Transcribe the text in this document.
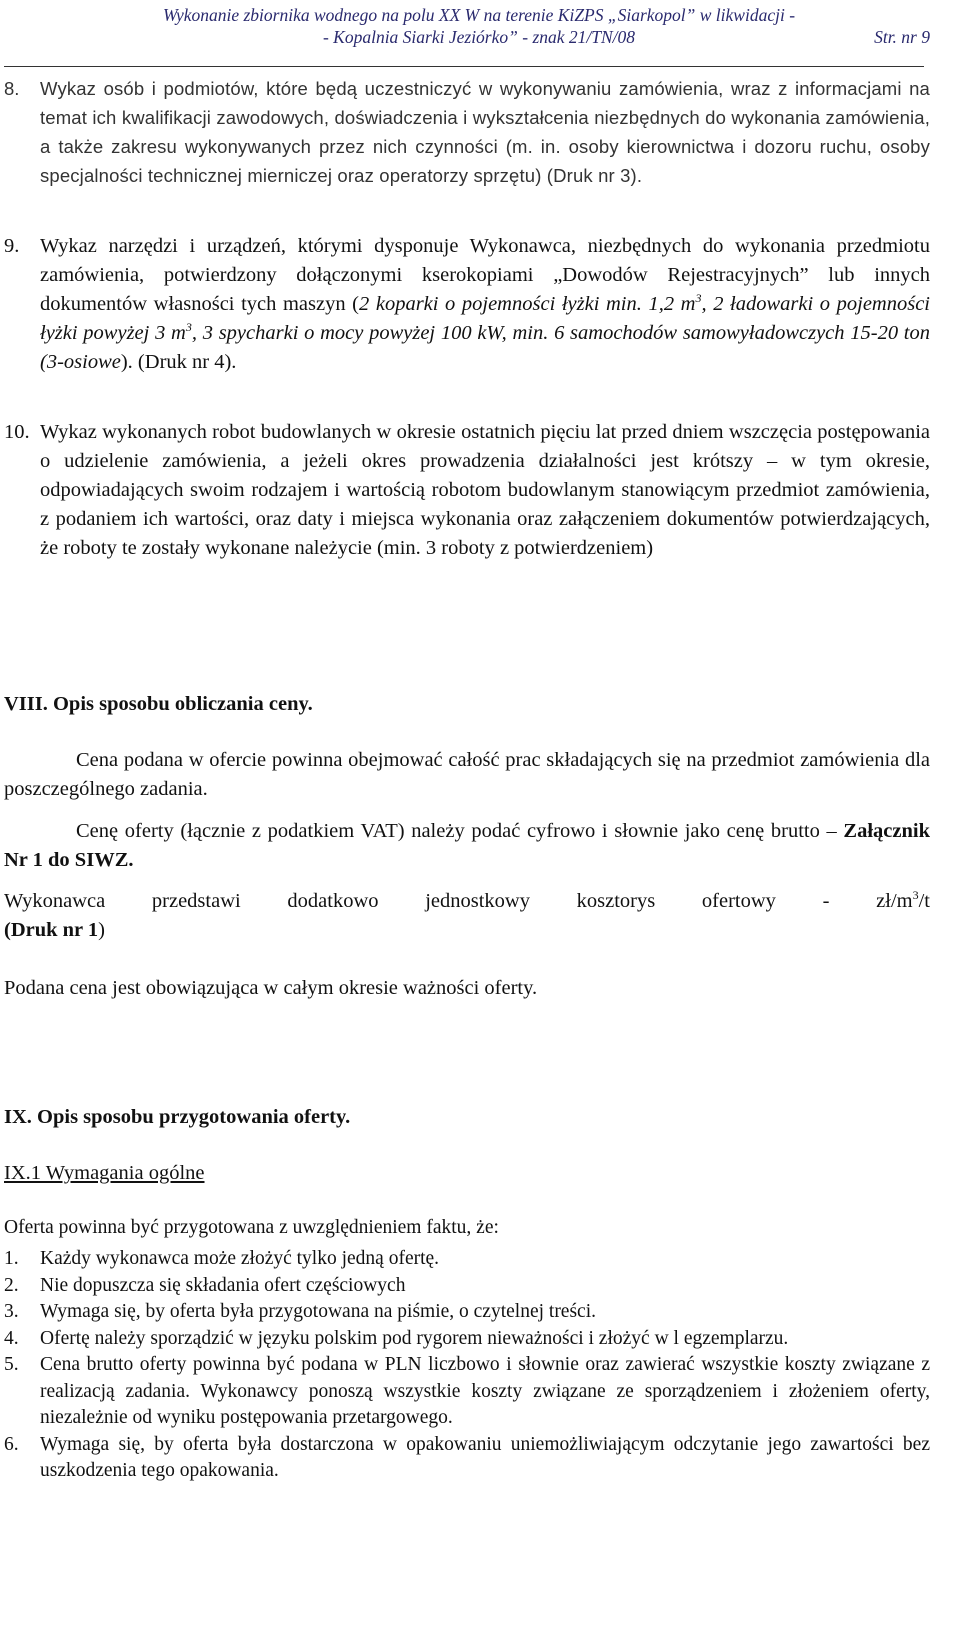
Wykonanie zbiornika wodnego na polu XX W na terenie KiZPS „Siarkopol” w likwidacji -
- Kopalnia Siarki Jeziórko” - znak 21/TN/08	Str. nr 9
8. Wykaz osób i podmiotów, które będą uczestniczyć w wykonywaniu zamówienia, wraz z informacjami na temat ich kwalifikacji zawodowych, doświadczenia i wykształcenia niezbędnych do wykonania zamówienia, a także zakresu wykonywanych przez nich czynności (m. in. osoby kierownictwa i dozoru ruchu, osoby specjalności technicznej mierniczej oraz operatorzy sprzętu) (Druk nr 3).
9. Wykaz narzędzi i urządzeń, którymi dysponuje Wykonawca, niezbędnych do wykonania przedmiotu zamówienia, potwierdzony dołączonymi kserokopiami „Dowodów Rejestracyjnych” lub innych dokumentów własności tych maszyn (2 koparki o pojemności łyżki min. 1,2 $m^3$, 2 ładowarki o pojemności łyżki powyżej 3 $m^3$, 3 spycharki o mocy powyżej 100 kW, min. 6 samochodów samowyładowczych 15-20 ton (3-osiowe). (Druk nr 4).
10. Wykaz wykonanych robot budowlanych w okresie ostatnich pięciu lat przed dniem wszczęcia postępowania o udzielenie zamówienia, a jeżeli okres prowadzenia działalności jest krótszy – w tym okresie, odpowiadających swoim rodzajem i wartością robotom budowlanym stanowiącym przedmiot zamówienia, z podaniem ich wartości, oraz daty i miejsca wykonania oraz załączeniem dokumentów potwierdzających, że roboty te zostały wykonane należycie (min. 3 roboty z potwierdzeniem)
VIII. Opis sposobu obliczania ceny.
Cena podana w ofercie powinna obejmować całość prac składających się na przedmiot zamówienia dla poszczególnego zadania.
Cenę oferty (łącznie z podatkiem VAT) należy podać cyfrowo i słownie jako cenę brutto – Załącznik Nr 1 do SIWZ.
Wykonawca przedstawi dodatkowo jednostkowy kosztorys ofertowy - $zł/m^3/t$
(Druk nr 1)
Podana cena jest obowiązująca w całym okresie ważności oferty.
IX. Opis sposobu przygotowania oferty.
IX.1 Wymagania ogólne
Oferta powinna być przygotowana z uwzględnieniem faktu, że:
1. Każdy wykonawca może złożyć tylko jedną ofertę.
2. Nie dopuszcza się składania ofert częściowych
3. Wymaga się, by oferta była przygotowana na piśmie, o czytelnej treści.
4. Ofertę należy sporządzić w języku polskim pod rygorem nieważności i złożyć w l egzemplarzu.
5. Cena brutto oferty powinna być podana w PLN liczbowo i słownie oraz zawierać wszystkie koszty związane z realizacją zadania. Wykonawcy ponoszą wszystkie koszty związane ze sporządzeniem i złożeniem oferty, niezależnie od wyniku postępowania przetargowego.
6. Wymaga się, by oferta była dostarczona w opakowaniu uniemożliwiającym odczytanie jego zawartości bez uszkodzenia tego opakowania.
